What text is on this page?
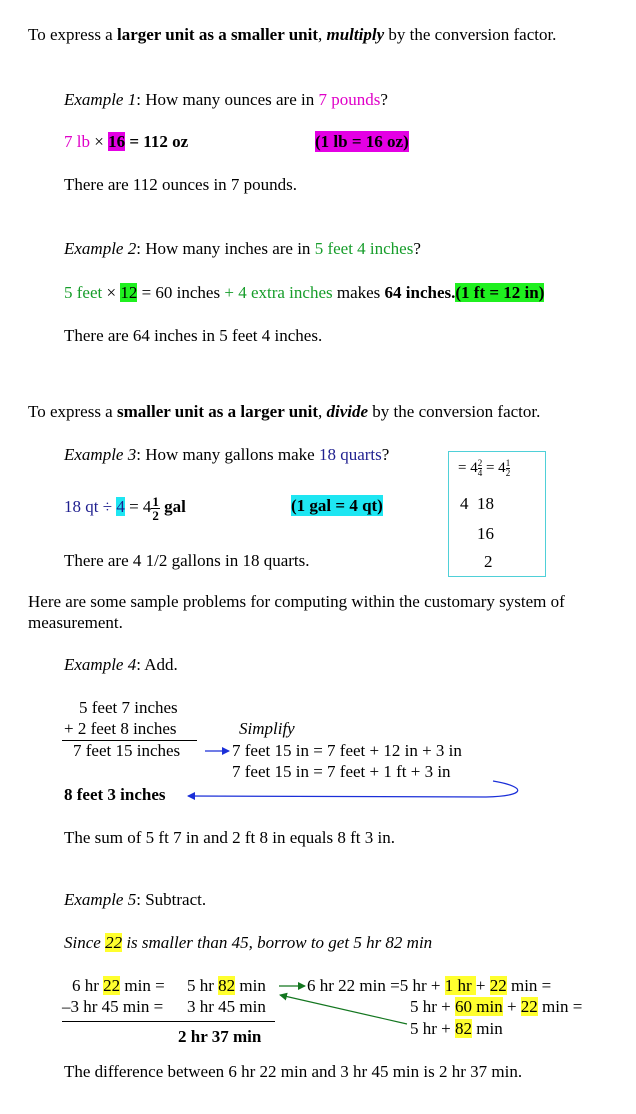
To express a larger unit as a smaller unit, multiply by the conversion factor.
Example 1: How many ounces are in 7 pounds?
7 lb × 16 = 112 oz	(1 lb = 16 oz)
There are 112 ounces in 7 pounds.
Example 2: How many inches are in 5 feet 4 inches?
5 feet × 12 = 60 inches + 4 extra inches makes 64 inches.(1 ft = 12 in)
There are 64 inches in 5 feet 4 inches.
To express a smaller unit as a larger unit, divide by the conversion factor.
Example 3: How many gallons make 18 quarts?
18 qt ÷ $4 = 4 \frac{1}{2}$ gal	(1 gal = 4 qt)
There are 4 1/2 gallons in 18 quarts.
= $4 \frac{2}{4} = 4 \frac{1}{2}$
4 18
16
2
Here are some sample problems for computing within the customary system of measurement.
Example 4: Add.
5 feet 7 inches
+ 2 feet 8 inches
7 feet 15 inches
Simplify
7 feet 15 in = 7 feet + 12 in + 3 in
7 feet 15 in = 7 feet + 1 ft + 3 in
8 feet 3 inches
The sum of 5 ft 7 in and 2 ft 8 in equals 8 ft 3 in.
Example 5: Subtract.
Since 22 is smaller than 45, borrow to get 5 hr 82 min
6 hr 22 min = 5 hr 82 min
–3 hr 45 min = 3 hr 45 min
2 hr 37 min
6 hr 22 min =5 hr + 1 hr + 22 min =
5 hr + 60 min + 22 min =
5 hr + 82 min
The difference between 6 hr 22 min and 3 hr 45 min is 2 hr 37 min.
